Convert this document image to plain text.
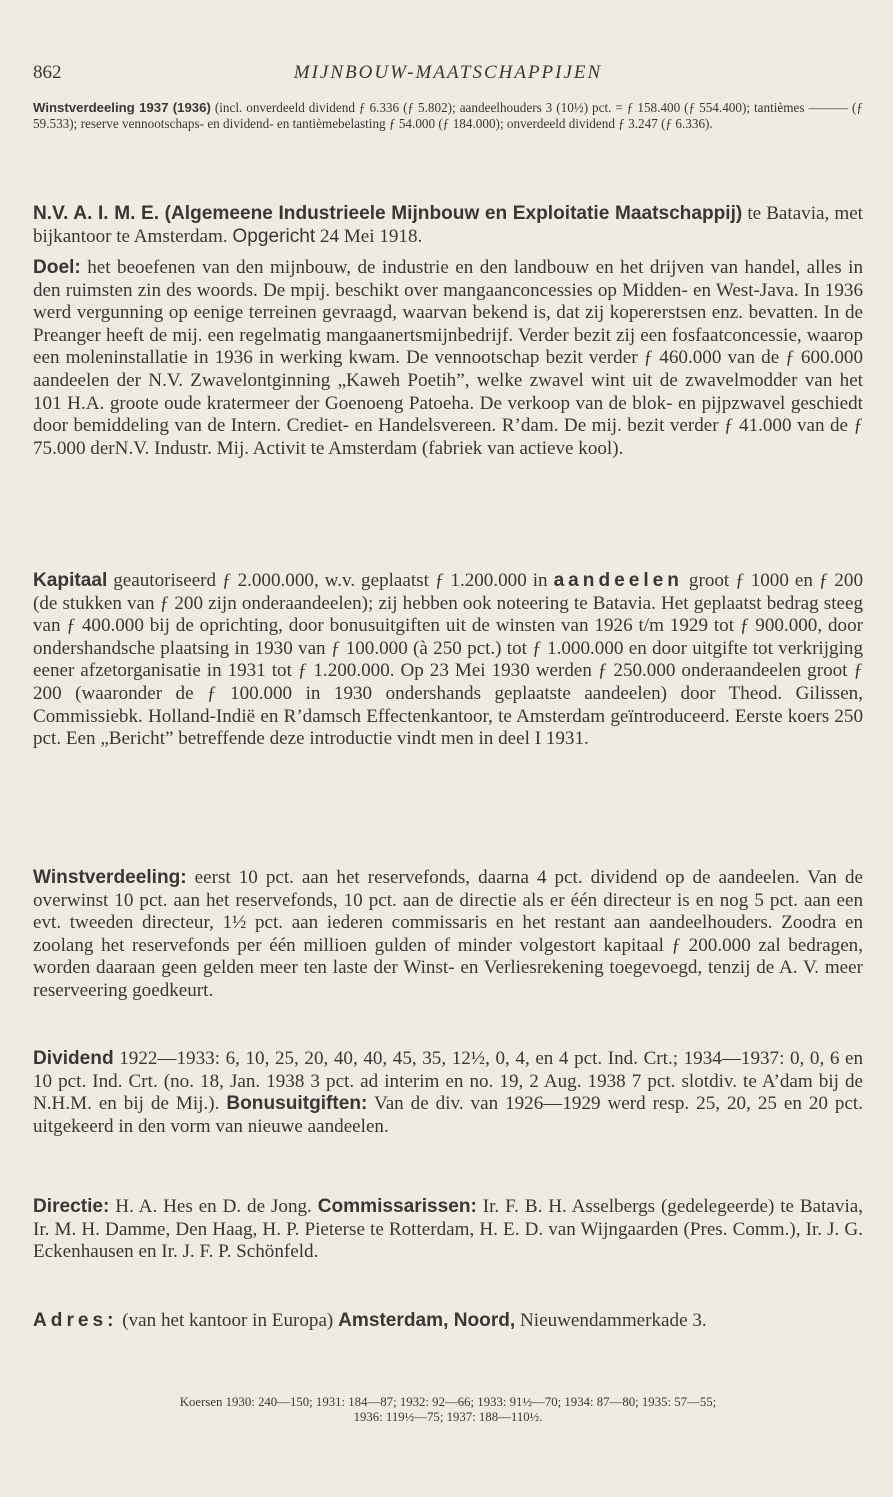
862	MIJNBOUW-MAATSCHAPPIJEN
Winstverdeeling 1937 (1936) (incl. onverdeeld dividend ƒ 6.336 (ƒ 5.802); aandeelhouders 3 (10½) pct. = ƒ 158.400 (ƒ 554.400); tantièmes ——— (ƒ 59.533); reserve vennootschaps- en dividend- en tantièmebelasting ƒ 54.000 (ƒ 184.000); onverdeeld dividend ƒ 3.247 (ƒ 6.336).
N.V. A. I. M. E. (Algemeene Industrieele Mijnbouw en Exploitatie Maatschappij) te Batavia, met bijkantoor te Amsterdam. Opgericht 24 Mei 1918.
Doel: het beoefenen van den mijnbouw, de industrie en den landbouw en het drijven van handel, alles in den ruimsten zin des woords. De mpij. beschikt over mangaanconcessies op Midden- en West-Java. In 1936 werd vergunning op eenige terreinen gevraagd, waarvan bekend is, dat zij kopererstsen enz. bevatten. In de Preanger heeft de mij. een regelmatig mangaanertsmijnbedrijf. Verder bezit zij een fosfaatconcessie, waarop een moleninstallatie in 1936 in werking kwam. De vennootschap bezit verder ƒ 460.000 van de ƒ 600.000 aandeelen der N.V. Zwavelontginning „Kaweh Poetih”, welke zwavel wint uit de zwavelmodder van het 101 H.A. groote oude kratermeer der Goenoeng Patoeha. De verkoop van de blok- en pijpzwavel geschiedt door bemiddeling van de Intern. Crediet- en Handelsvereen. R’dam. De mij. bezit verder ƒ 41.000 van de ƒ 75.000 derN.V. Industr. Mij. Activit te Amsterdam (fabriek van actieve kool).
Kapitaal geautoriseerd ƒ 2.000.000, w.v. geplaatst ƒ 1.200.000 in aandeelen groot ƒ 1000 en ƒ 200 (de stukken van ƒ 200 zijn onderaandeelen); zij hebben ook noteering te Batavia. Het geplaatst bedrag steeg van ƒ 400.000 bij de oprichting, door bonusuitgiften uit de winsten van 1926 t/m 1929 tot ƒ 900.000, door ondershandsche plaatsing in 1930 van ƒ 100.000 (à 250 pct.) tot ƒ 1.000.000 en door uitgifte tot verkrijging eener afzetorganisatie in 1931 tot ƒ 1.200.000. Op 23 Mei 1930 werden ƒ 250.000 onderaandeelen groot ƒ 200 (waaronder de ƒ 100.000 in 1930 ondershands geplaatste aandeelen) door Theod. Gilissen, Commissiebk. Holland-Indië en R’damsch Effectenkantoor, te Amsterdam geïntroduceerd. Eerste koers 250 pct. Een „Bericht” betreffende deze introductie vindt men in deel I 1931.
Winstverdeeling: eerst 10 pct. aan het reservefonds, daarna 4 pct. dividend op de aandeelen. Van de overwinst 10 pct. aan het reservefonds, 10 pct. aan de directie als er één directeur is en nog 5 pct. aan een evt. tweeden directeur, 1½ pct. aan iederen commissaris en het restant aan aandeelhouders. Zoodra en zoolang het reservefonds per één millioen gulden of minder volgestort kapitaal ƒ 200.000 zal bedragen, worden daaraan geen gelden meer ten laste der Winst- en Verliesrekening toegevoegd, tenzij de A. V. meer reserveering goedkeurt.
Dividend 1922—1933: 6, 10, 25, 20, 40, 40, 45, 35, 12½, 0, 4, en 4 pct. Ind. Crt.; 1934—1937: 0, 0, 6 en 10 pct. Ind. Crt. (no. 18, Jan. 1938 3 pct. ad interim en no. 19, 2 Aug. 1938 7 pct. slotdiv. te A’dam bij de N.H.M. en bij de Mij.). Bonusuitgiften: Van de div. van 1926—1929 werd resp. 25, 20, 25 en 20 pct. uitgekeerd in den vorm van nieuwe aandeelen.
Directie: H. A. Hes en D. de Jong. Commissarissen: Ir. F. B. H. Asselbergs (gedelegeerde) te Batavia, Ir. M. H. Damme, Den Haag, H. P. Pieterse te Rotterdam, H. E. D. van Wijngaarden (Pres. Comm.), Ir. J. G. Eckenhausen en Ir. J. F. P. Schönfeld.
Adres: (van het kantoor in Europa) Amsterdam, Noord, Nieuwendammerkade 3.
Koersen 1930: 240—150; 1931: 184—87; 1932: 92—66; 1933: 91½—70; 1934: 87—80; 1935: 57—55;
1936: 119½—75; 1937: 188—110½.
